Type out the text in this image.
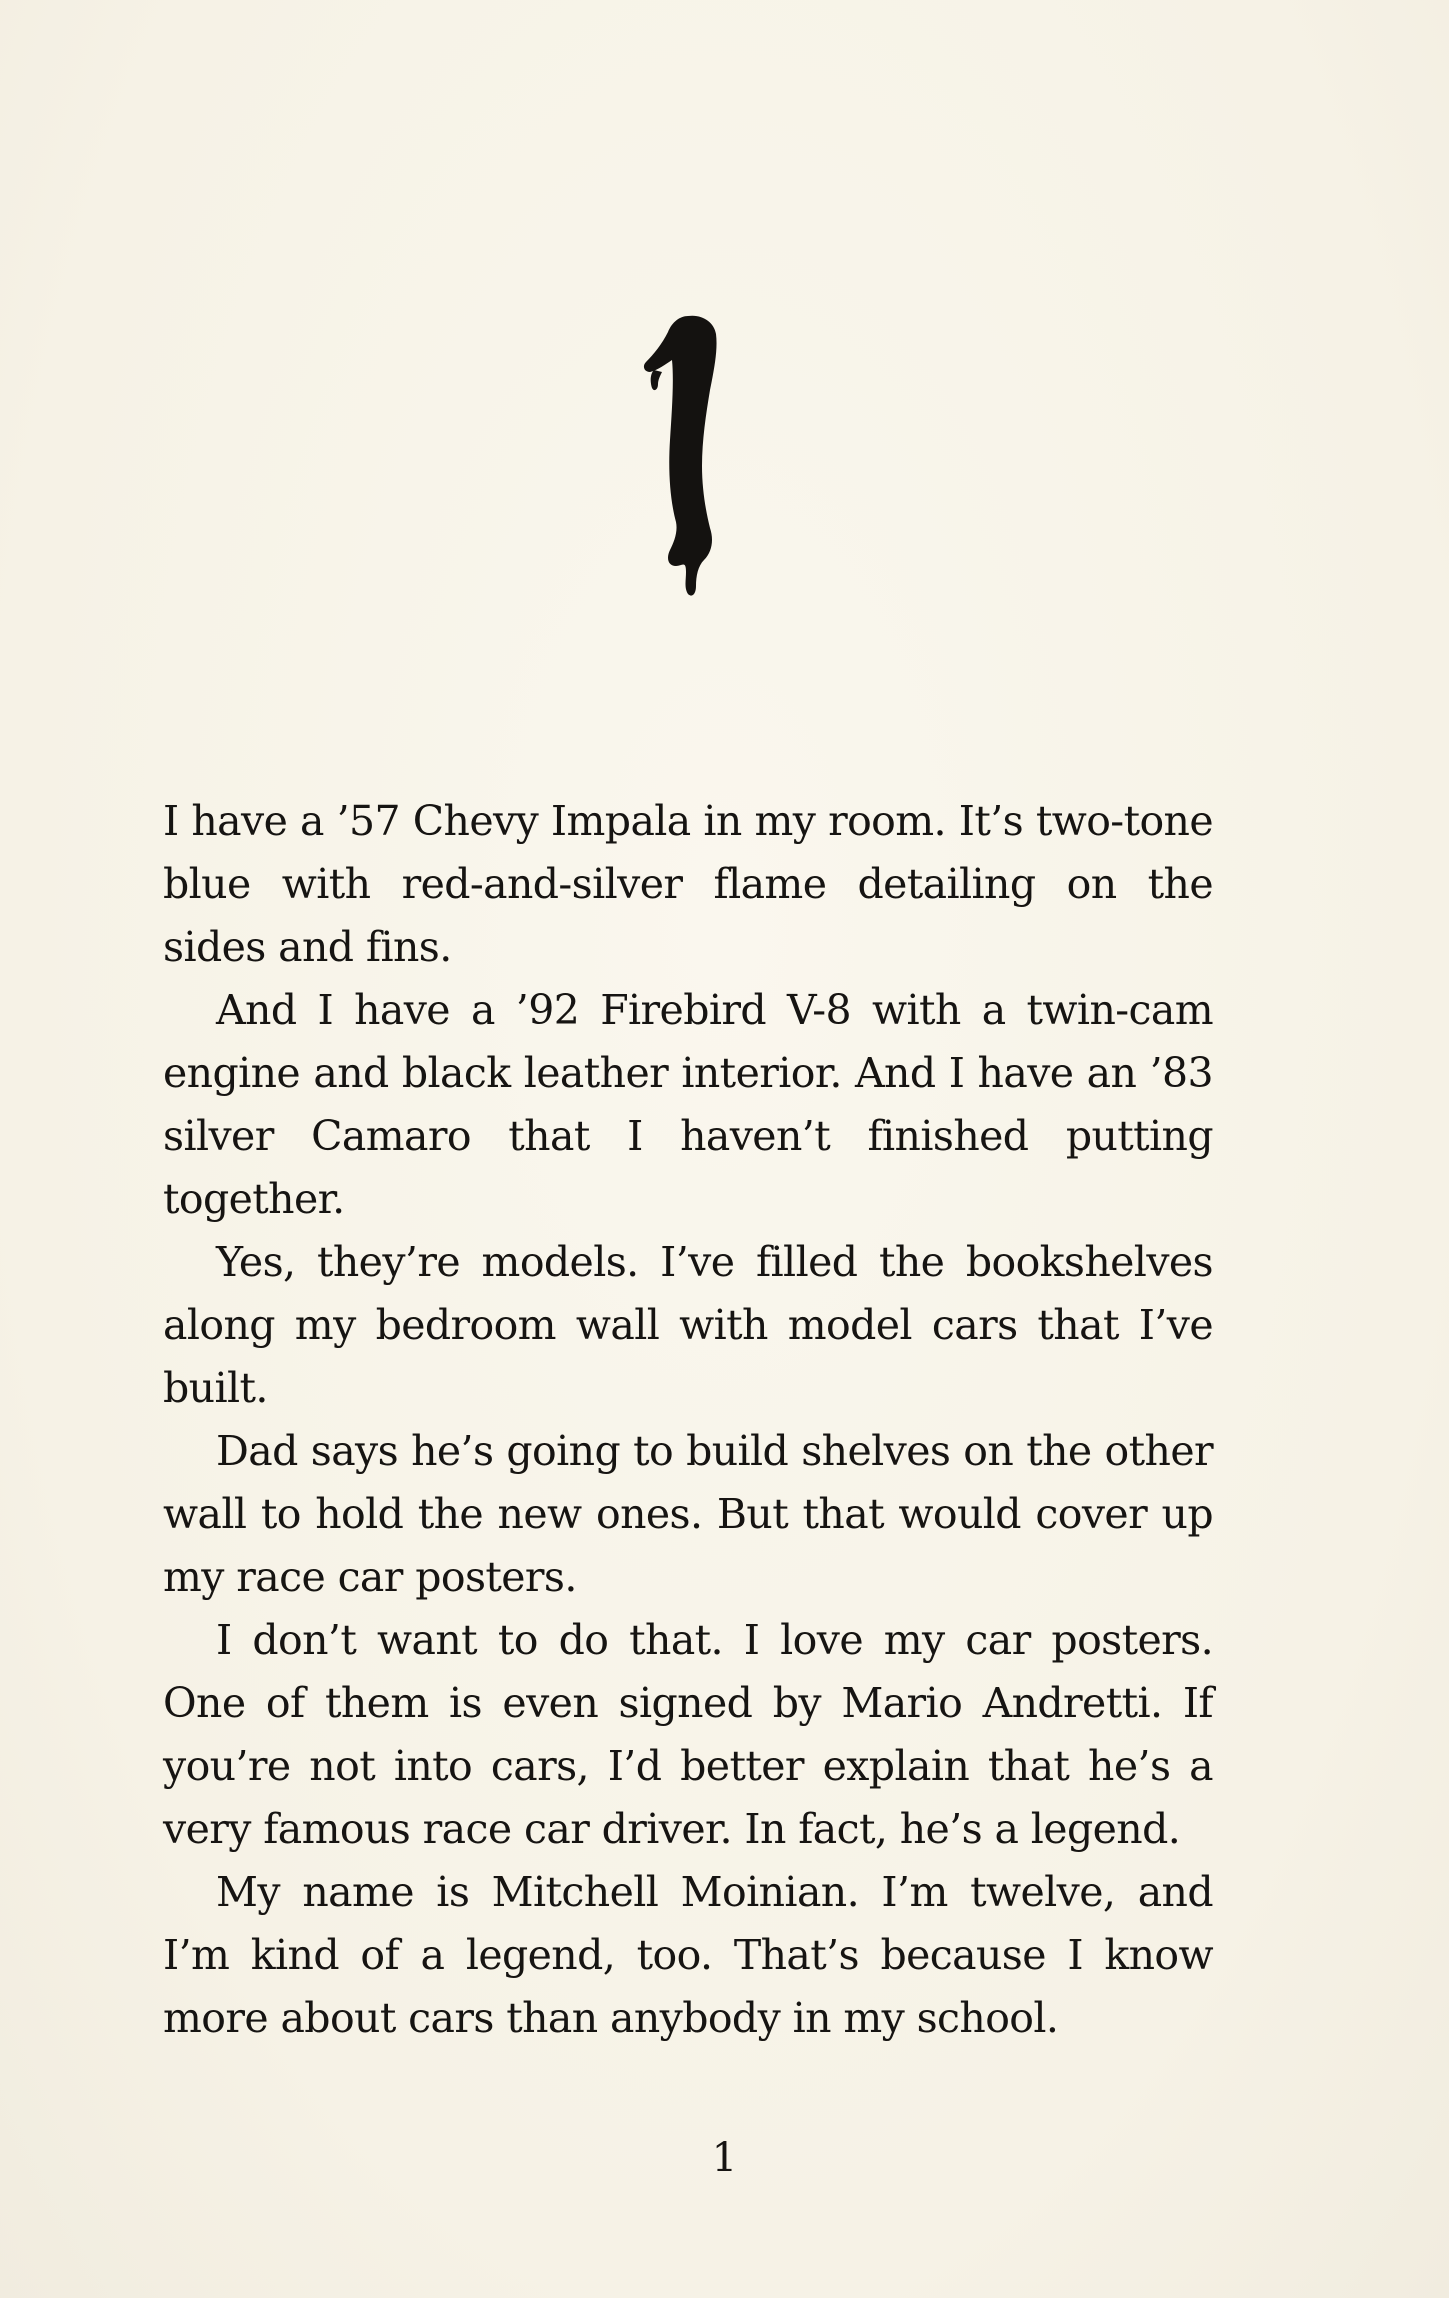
I have a ’57 Chevy Impala in my room. It’s two-tone blue with red-and-silver flame detailing on the sides and fins.

And I have a ’92 Firebird V-8 with a twin-cam engine and black leather interior. And I have an ’83 silver Camaro that I haven’t finished putting together.

Yes, they’re models. I’ve filled the bookshelves along my bedroom wall with model cars that I’ve built.

Dad says he’s going to build shelves on the other wall to hold the new ones. But that would cover up my race car posters.

I don’t want to do that. I love my car posters. One of them is even signed by Mario Andretti. If you’re not into cars, I’d better explain that he’s a very famous race car driver. In fact, he’s a legend.

My name is Mitchell Moinian. I’m twelve, and I’m kind of a legend, too. That’s because I know more about cars than anybody in my school.

1
